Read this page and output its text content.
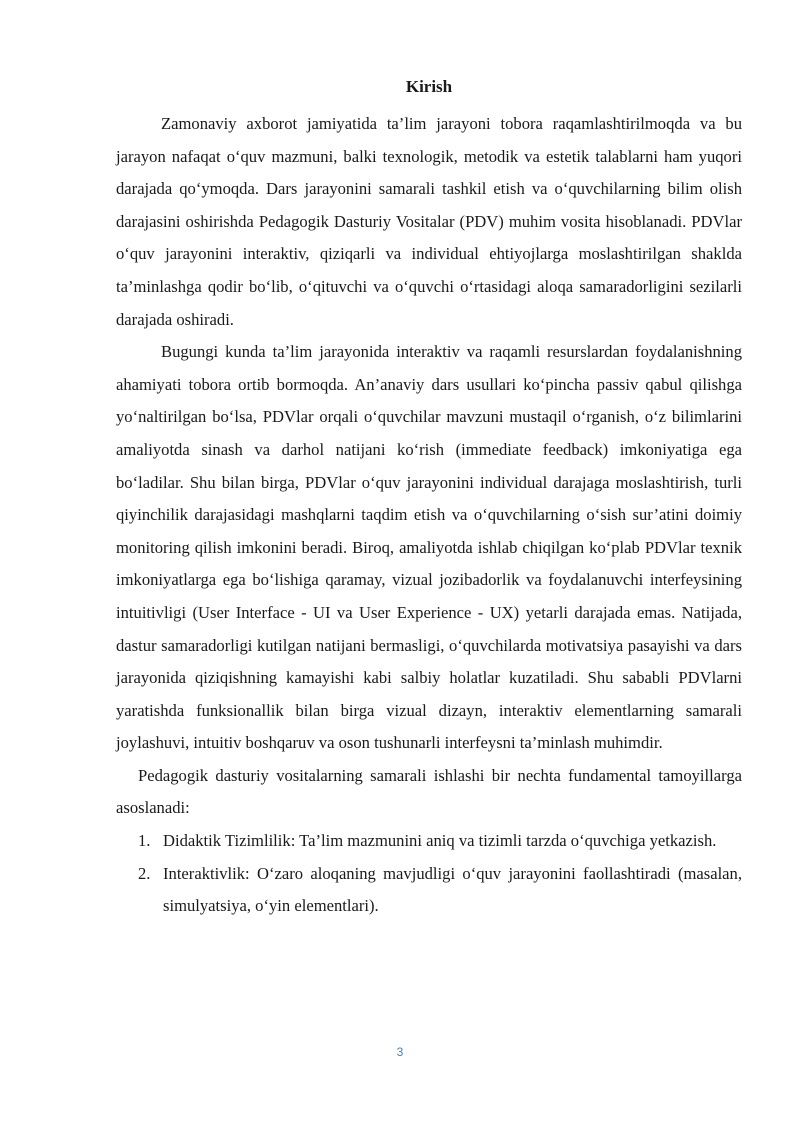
Kirish

Zamonaviy axborot jamiyatida ta’lim jarayoni tobora raqamlashtirilmoqda va bu jarayon nafaqat o‘quv mazmuni, balki texnologik, metodik va estetik talablarni ham yuqori darajada qo‘ymoqda. Dars jarayonini samarali tashkil etish va o‘quvchilarning bilim olish darajasini oshirishda Pedagogik Dasturiy Vositalar (PDV) muhim vosita hisoblanadi. PDVlar o‘quv jarayonini interaktiv, qiziqarli va individual ehtiyojlarga moslashtirilgan shaklda ta’minlashga qodir bo‘lib, o‘qituvchi va o‘quvchi o‘rtasidagi aloqa samaradorligini sezilarli darajada oshiradi.

Bugungi kunda ta’lim jarayonida interaktiv va raqamli resurslardan foydalanishning ahamiyati tobora ortib bormoqda. An’anaviy dars usullari ko‘pincha passiv qabul qilishga yo‘naltirilgan bo‘lsa, PDVlar orqali o‘quvchilar mavzuni mustaqil o‘rganish, o‘z bilimlarini amaliyotda sinash va darhol natijani ko‘rish (immediate feedback) imkoniyatiga ega bo‘ladilar. Shu bilan birga, PDVlar o‘quv jarayonini individual darajaga moslashtirish, turli qiyinchilik darajasidagi mashqlarni taqdim etish va o‘quvchilarning o‘sish sur’atini doimiy monitoring qilish imkonini beradi. Biroq, amaliyotda ishlab chiqilgan ko‘plab PDVlar texnik imkoniyatlarga ega bo‘lishiga qaramay, vizual jozibadorlik va foydalanuvchi interfeysining intuitivligi (User Interface - UI va User Experience - UX) yetarli darajada emas. Natijada, dastur samaradorligi kutilgan natijani bermasligi, o‘quvchilarda motivatsiya pasayishi va dars jarayonida qiziqishning kamayishi kabi salbiy holatlar kuzatiladi. Shu sababli PDVlarni yaratishda funksionallik bilan birga vizual dizayn, interaktiv elementlarning samarali joylashuvi, intuitiv boshqaruv va oson tushunarli interfeysni ta’minlash muhimdir.

Pedagogik dasturiy vositalarning samarali ishlashi bir nechta fundamental tamoyillarga asoslanadi:

1. Didaktik Tizimlilik: Ta’lim mazmunini aniq va tizimli tarzda o‘quvchiga yetkazish.
2. Interaktivlik: O‘zaro aloqaning mavjudligi o‘quv jarayonini faollashtiradi (masalan, simulyatsiya, o‘yin elementlari).
3
